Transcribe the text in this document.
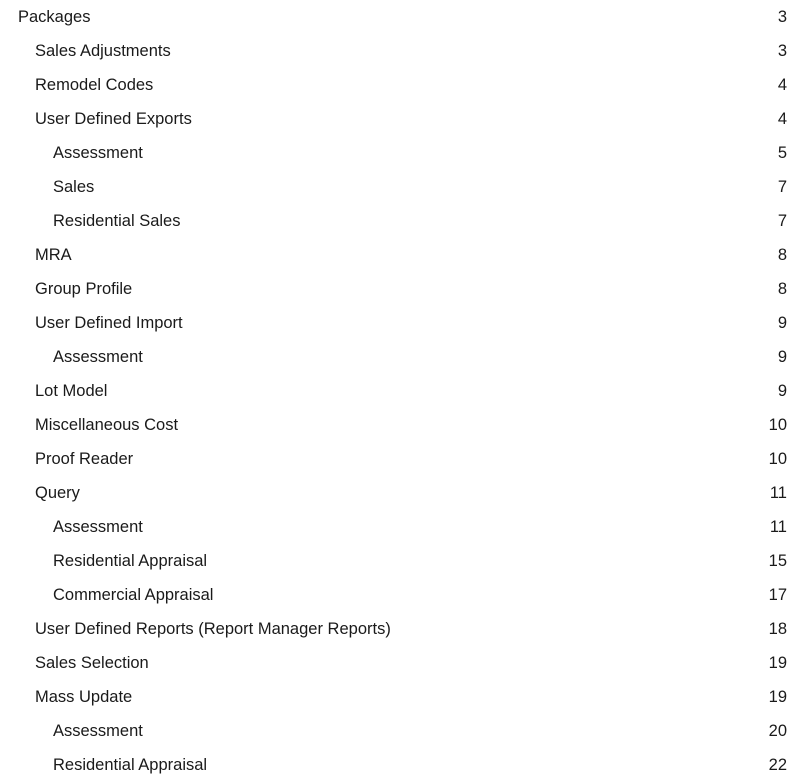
Packages .....	3
Sales Adjustments .....	3
Remodel Codes .....	4
User Defined Exports .....	4
Assessment .....	5
Sales .....	7
Residential Sales .....	7
MRA .....	8
Group Profile .....	8
User Defined Import .....	9
Assessment .....	9
Lot Model .....	9
Miscellaneous Cost .....	10
Proof Reader .....	10
Query .....	11
Assessment .....	11
Residential Appraisal .....	15
Commercial Appraisal .....	17
User Defined Reports (Report Manager Reports) .....	18
Sales Selection .....	19
Mass Update .....	19
Assessment .....	20
Residential Appraisal .....	22
